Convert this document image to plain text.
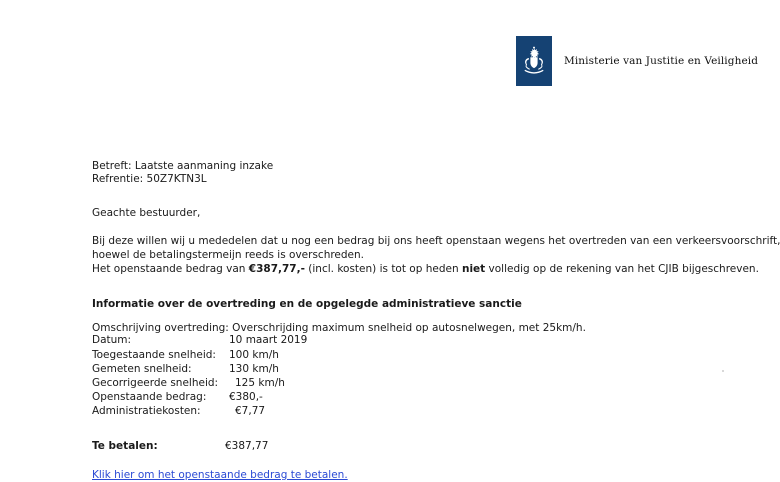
Ministerie van Justitie en Veiligheid
Betreft: Laatste aanmaning inzake
Refrentie: 50Z7KTN3L
Geachte bestuurder,
Bij deze willen wij u mededelen dat u nog een bedrag bij ons heeft openstaan wegens het overtreden van een verkeersvoorschrift,
hoewel de betalingstermeijn reeds is overschreden.
Het openstaande bedrag van €387,77,- (incl. kosten) is tot op heden niet volledig op de rekening van het CJIB bijgeschreven.
Informatie over de overtreding en de opgelegde administratieve sanctie
Omschrijving overtreding: Overschrijding maximum snelheid op autosnelwegen, met 25km/h.
Datum:	10 maart 2019
Toegestaande snelheid:	100 km/h
Gemeten snelheid:	130 km/h
Gecorrigeerde snelheid:	125 km/h
Openstaande bedrag:	€380,-
Administratiekosten:	€7,77
Te betalen:	€387,77
Klik hier om het openstaande bedrag te betalen.
